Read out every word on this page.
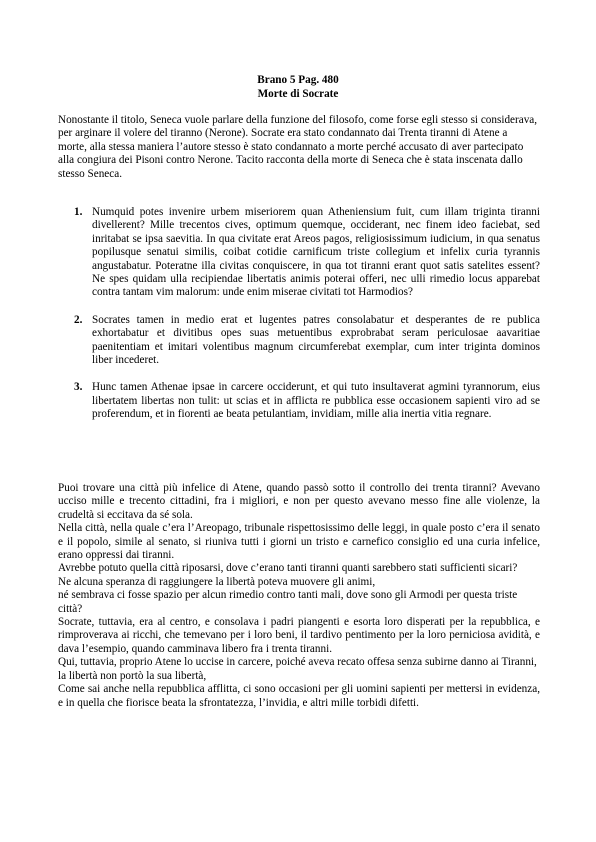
Brano 5 Pag. 480
Morte di Socrate

Nonostante il titolo, Seneca vuole parlare della funzione del filosofo, come forse egli stesso si considerava, per arginare il volere del tiranno (Nerone). Socrate era stato condannato dai Trenta tiranni di Atene a morte, alla stessa maniera l’autore stesso è stato condannato a morte perché accusato di aver partecipato alla congiura dei Pisoni contro Nerone. Tacito racconta della morte di Seneca che è stata inscenata dallo stesso Seneca.

1. Numquid potes invenire urbem miseriorem quan Atheniensium fuit, cum illam triginta tiranni divellerent? Mille trecentos cives, optimum quemque, occiderant, nec finem ideo faciebat, sed inritabat se ipsa saevitia. In qua civitate erat Areos pagos, religiosissimum iudicium, in qua senatus popilusque senatui similis, coibat cotidie carnificum triste collegium et infelix curia tyrannis angustabatur. Poteratne illa civitas conquiscere, in qua tot tiranni erant quot satis satelites essent? Ne spes quidam ulla recipiendae libertatis animis poterai offeri, nec ulli rimedio locus apparebat contra tantam vim malorum: unde enim miserae civitati tot Harmodios?
2. Socrates tamen in medio erat et lugentes patres consolabatur et desperantes de re publica exhortabatur et divitibus opes suas metuentibus exprobrabat seram periculosae aavaritiae paenitentiam et imitari volentibus magnum circumferebat exemplar, cum inter triginta dominos liber incederet.
3. Hunc tamen Athenae ipsae in carcere occiderunt, et qui tuto insultaverat agmini tyrannorum, eius libertatem libertas non tulit: ut scias et in afflicta re pubblica esse occasionem sapienti viro ad se proferendum, et in fiorenti ae beata petulantiam, invidiam, mille alia inertia vitia regnare.

Puoi trovare una città più infelice di Atene, quando passò sotto il controllo dei trenta tiranni? Avevano ucciso mille e trecento cittadini, fra i migliori, e non per questo avevano messo fine alle violenze, la crudeltà si eccitava da sé sola.

Nella città, nella quale c’era l’Areopago, tribunale rispettosissimo delle leggi, in quale posto c’era il senato e il popolo, simile al senato, si riuniva tutti i giorni un tristo e carnefico consiglio ed una curia infelice, erano oppressi dai tiranni.

Avrebbe potuto quella città riposarsi, dove c’erano tanti tiranni quanti sarebbero stati sufficienti sicari?

Ne alcuna speranza di raggiungere la libertà poteva muovere gli animi,

né sembrava ci fosse spazio per alcun rimedio contro tanti mali, dove sono gli Armodi per questa triste città?

Socrate, tuttavia, era al centro, e consolava i padri piangenti e esorta loro disperati per la repubblica, e rimproverava ai ricchi, che temevano per i loro beni, il tardivo pentimento per la loro perniciosa avidità, e dava l’esempio, quando camminava libero fra i trenta tiranni.

Qui, tuttavia, proprio Atene lo uccise in carcere, poiché aveva recato offesa senza subirne danno ai Tiranni, la libertà non portò la sua libertà,

Come sai anche nella repubblica afflitta, ci sono occasioni per gli uomini sapienti per mettersi in evidenza, e in quella che fiorisce beata la sfrontatezza, l’invidia, e altri mille torbidi difetti.
